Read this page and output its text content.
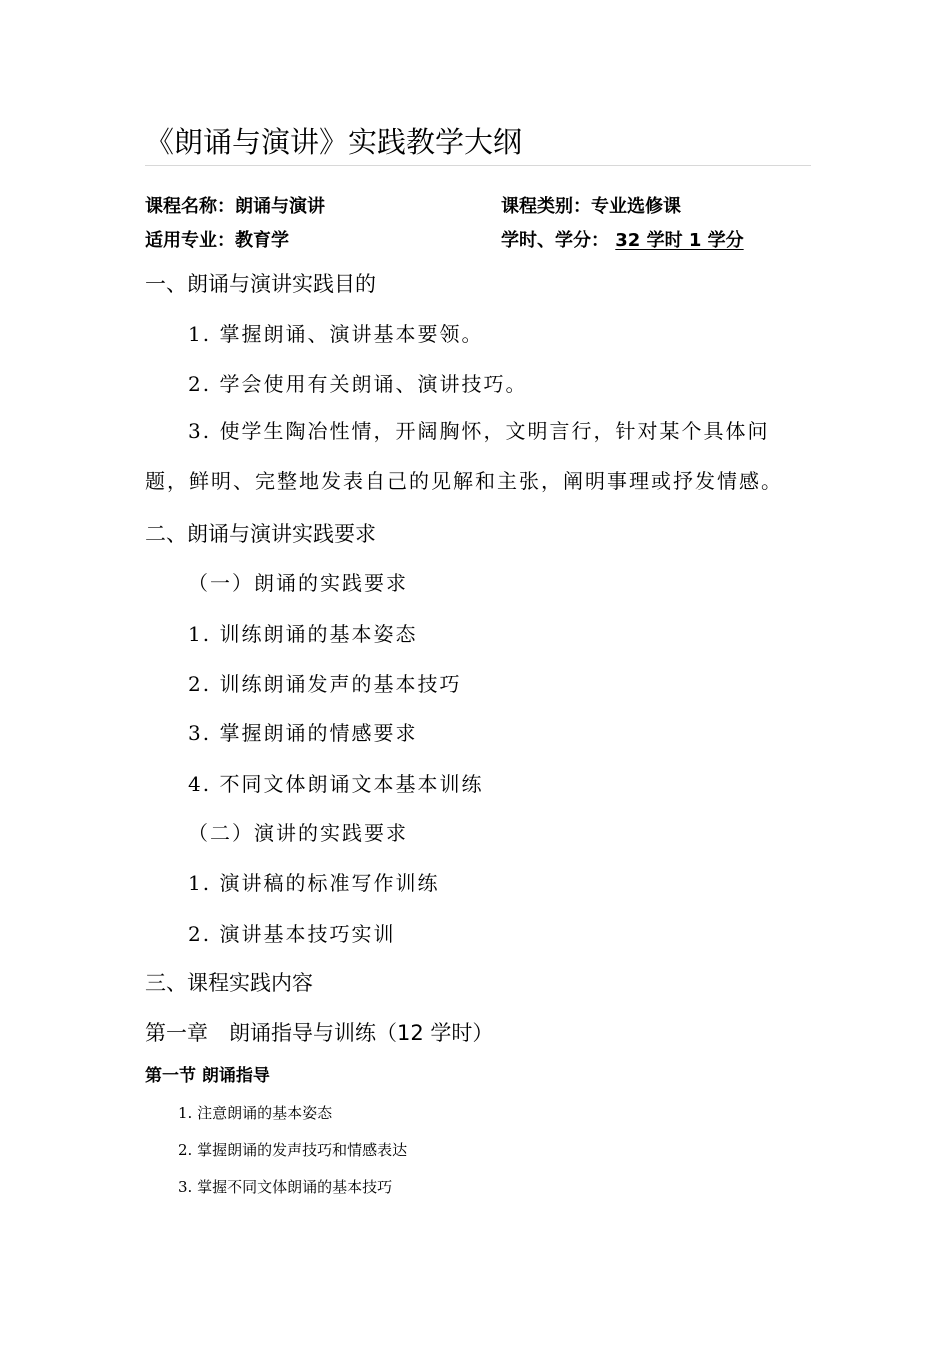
《朗诵与演讲》实践教学大纲
课程名称：朗诵与演讲	课程类别：专业选修课
适用专业：教育学	学时、学分： 32 学时 1 学分
一、朗诵与演讲实践目的

1. 掌握朗诵、演讲基本要领。

2. 学会使用有关朗诵、演讲技巧。

3. 使学生陶冶性情，开阔胸怀，文明言行，针对某个具体问题，鲜明、完整地发表自己的见解和主张，阐明事理或抒发情感。

二、朗诵与演讲实践要求

（一）朗诵的实践要求

1. 训练朗诵的基本姿态

2. 训练朗诵发声的基本技巧

3. 掌握朗诵的情感要求

4. 不同文体朗诵文本基本训练

（二）演讲的实践要求

1. 演讲稿的标准写作训练

2. 演讲基本技巧实训

三、课程实践内容
第一章　朗诵指导与训练（12 学时）
第一节 朗诵指导

1. 注意朗诵的基本姿态

2. 掌握朗诵的发声技巧和情感表达

3. 掌握不同文体朗诵的基本技巧
